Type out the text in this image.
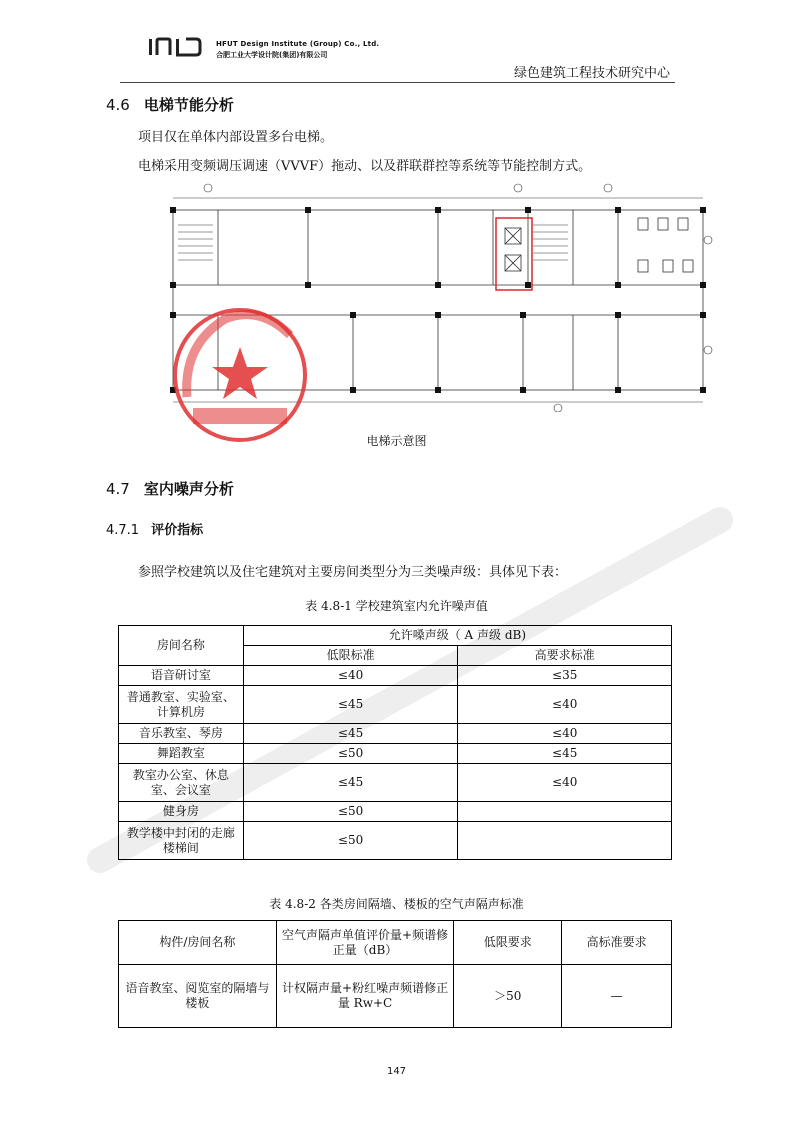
HFUT Design Institute (Group) Co., Ltd.
合肥工业大学设计院(集团)有限公司
绿色建筑工程技术研究中心
4.6 电梯节能分析
项目仅在单体内部设置多台电梯。
电梯采用变频调压调速（VVVF）拖动、以及群联群控等系统等节能控制方式。
电梯示意图
4.7 室内噪声分析
4.7.1 评价指标
参照学校建筑以及住宅建筑对主要房间类型分为三类噪声级：具体见下表：
表 4.8-1 学校建筑室内允许噪声值
房间名称	允许嗓声级（ A 声级 dB)	
	低限标准	高要求标准
语音研讨室	≤40	≤35
普通教室、实验室、计算机房	≤45	≤40
音乐教室、琴房	≤45	≤40
舞蹈教室	≤50	≤45
教室办公室、休息室、会议室	≤45	≤40
健身房	≤50	
教学楼中封闭的走廊楼梯间	≤50	
表 4.8-2 各类房间隔墙、楼板的空气声隔声标准
构件/房间名称	空气声隔声单值评价量+频谱修正量（dB）	低限要求	高标准要求
语音教室、阅览室的隔墙与楼板	计权隔声量+粉红噪声频谱修正量 Rw+C	＞50	—
147
